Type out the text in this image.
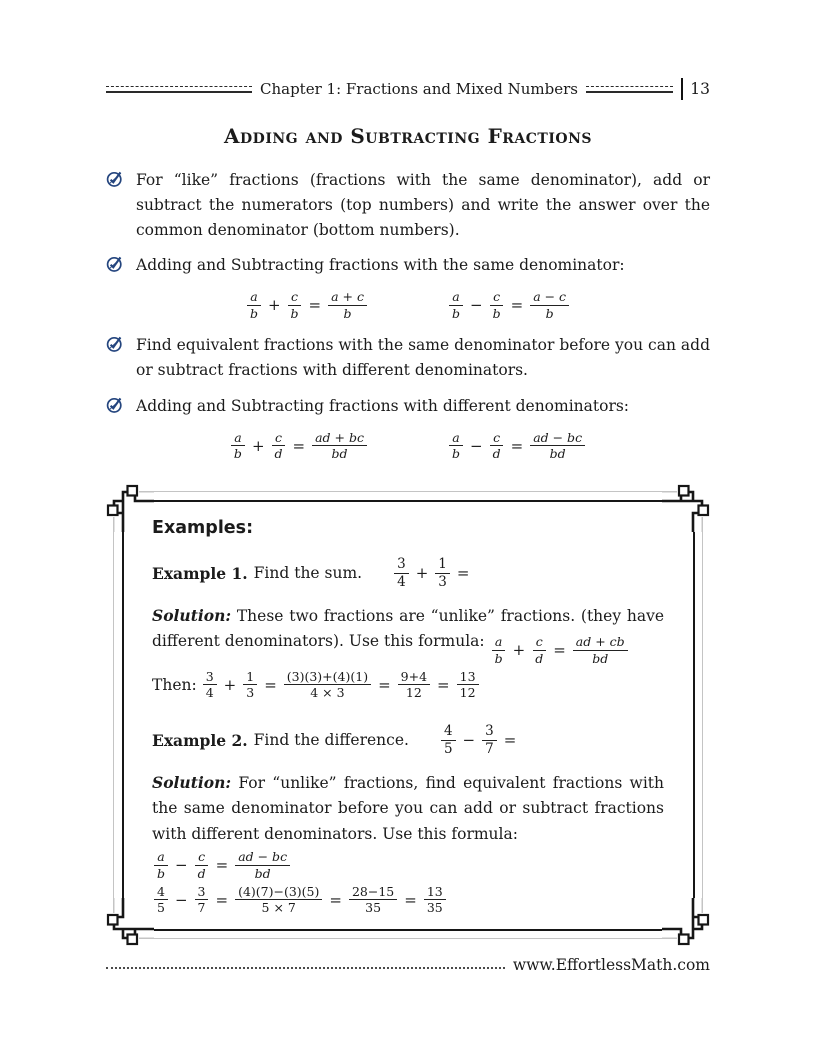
Chapter 1: Fractions and Mixed Numbers	13
Adding and Subtracting Fractions

For “like” fractions (fractions with the same denominator), add or subtract the numerators (top numbers) and write the answer over the common denominator (bottom numbers).

Adding and Subtracting fractions with the same denominator:

$\frac{a}{b} + \frac{c}{b} = \frac{a + c}{b}$	$\frac{a}{b} - \frac{c}{b} = \frac{a - c}{b}$

Find equivalent fractions with the same denominator before you can add or subtract fractions with different denominators.

Adding and Subtracting fractions with different denominators:

$\frac{a}{b} + \frac{c}{d} = \frac{ad + bc}{bd}$	$\frac{a}{b} - \frac{c}{d} = \frac{ad - bc}{bd}$
Examples:
Example 1. Find the sum. $\frac{3}{4} + \frac{1}{3}$ =

Solution: These two fractions are “unlike” fractions. (they have different denominators). Use this formula: $\frac{a}{b} + \frac{c}{d} = \frac{ad + cb}{bd}$

Then: $\frac{3}{4} + \frac{1}{3} = \frac{(3)(3)+(4)(1)}{4 \times 3} = \frac{9+4}{12} = \frac{13}{12}$
Example 2. Find the difference. $\frac{4}{5} - \frac{3}{7}$ =

Solution: For “unlike” fractions, find equivalent fractions with the same denominator before you can add or subtract fractions with different denominators. Use this formula:

$\frac{a}{b} - \frac{c}{d} = \frac{ad - bc}{bd}$
$\frac{4}{5} - \frac{3}{7} = \frac{(4)(7)-(3)(5)}{5 \times 7} = \frac{28-15}{35} = \frac{13}{35}$
www.EffortlessMath.com
